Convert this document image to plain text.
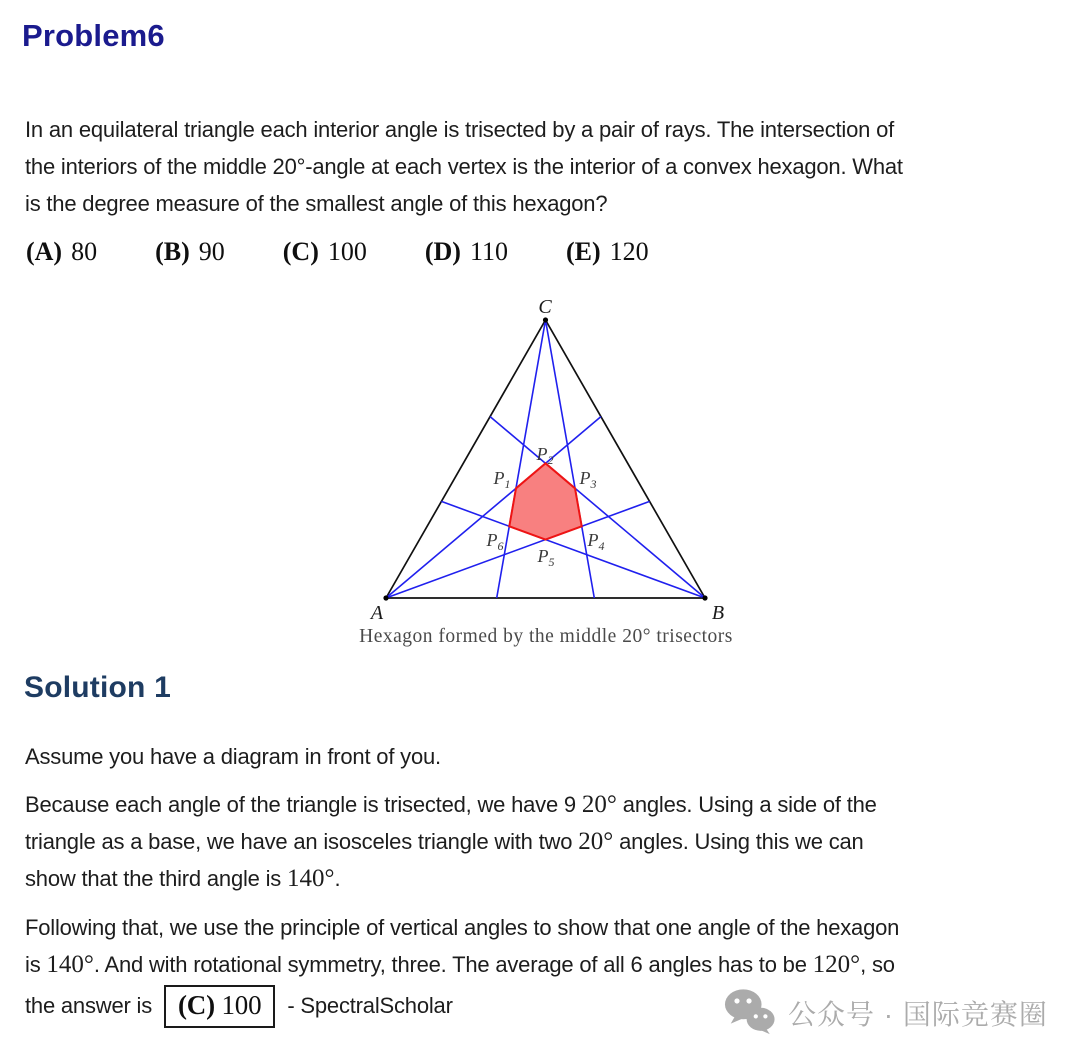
Problem6
In an equilateral triangle each interior angle is trisected by a pair of rays. The intersection of
the interiors of the middle 20°-angle at each vertex is the interior of a convex hexagon. What
is the degree measure of the smallest angle of this hexagon?
(A) 80 (B) 90 (C) 100 (D) 110 (E) 120
C
A	B
$P_1$
$P_2$
$P_3$
$P_4$
$P_5$
$P_6$
Hexagon formed by the middle 20° trisectors
Solution 1
Assume you have a diagram in front of you.
Because each angle of the triangle is trisected, we have 9 20° angles. Using a side of the
triangle as a base, we have an isosceles triangle with two 20° angles. Using this we can
show that the third angle is 140°.
Following that, we use the principle of vertical angles to show that one angle of the hexagon
is 140°. And with rotational symmetry, three. The average of all 6 angles has to be 120°, so
the answer is (C) 100	- SpectralScholar	公众号 · 国际竞赛圈
